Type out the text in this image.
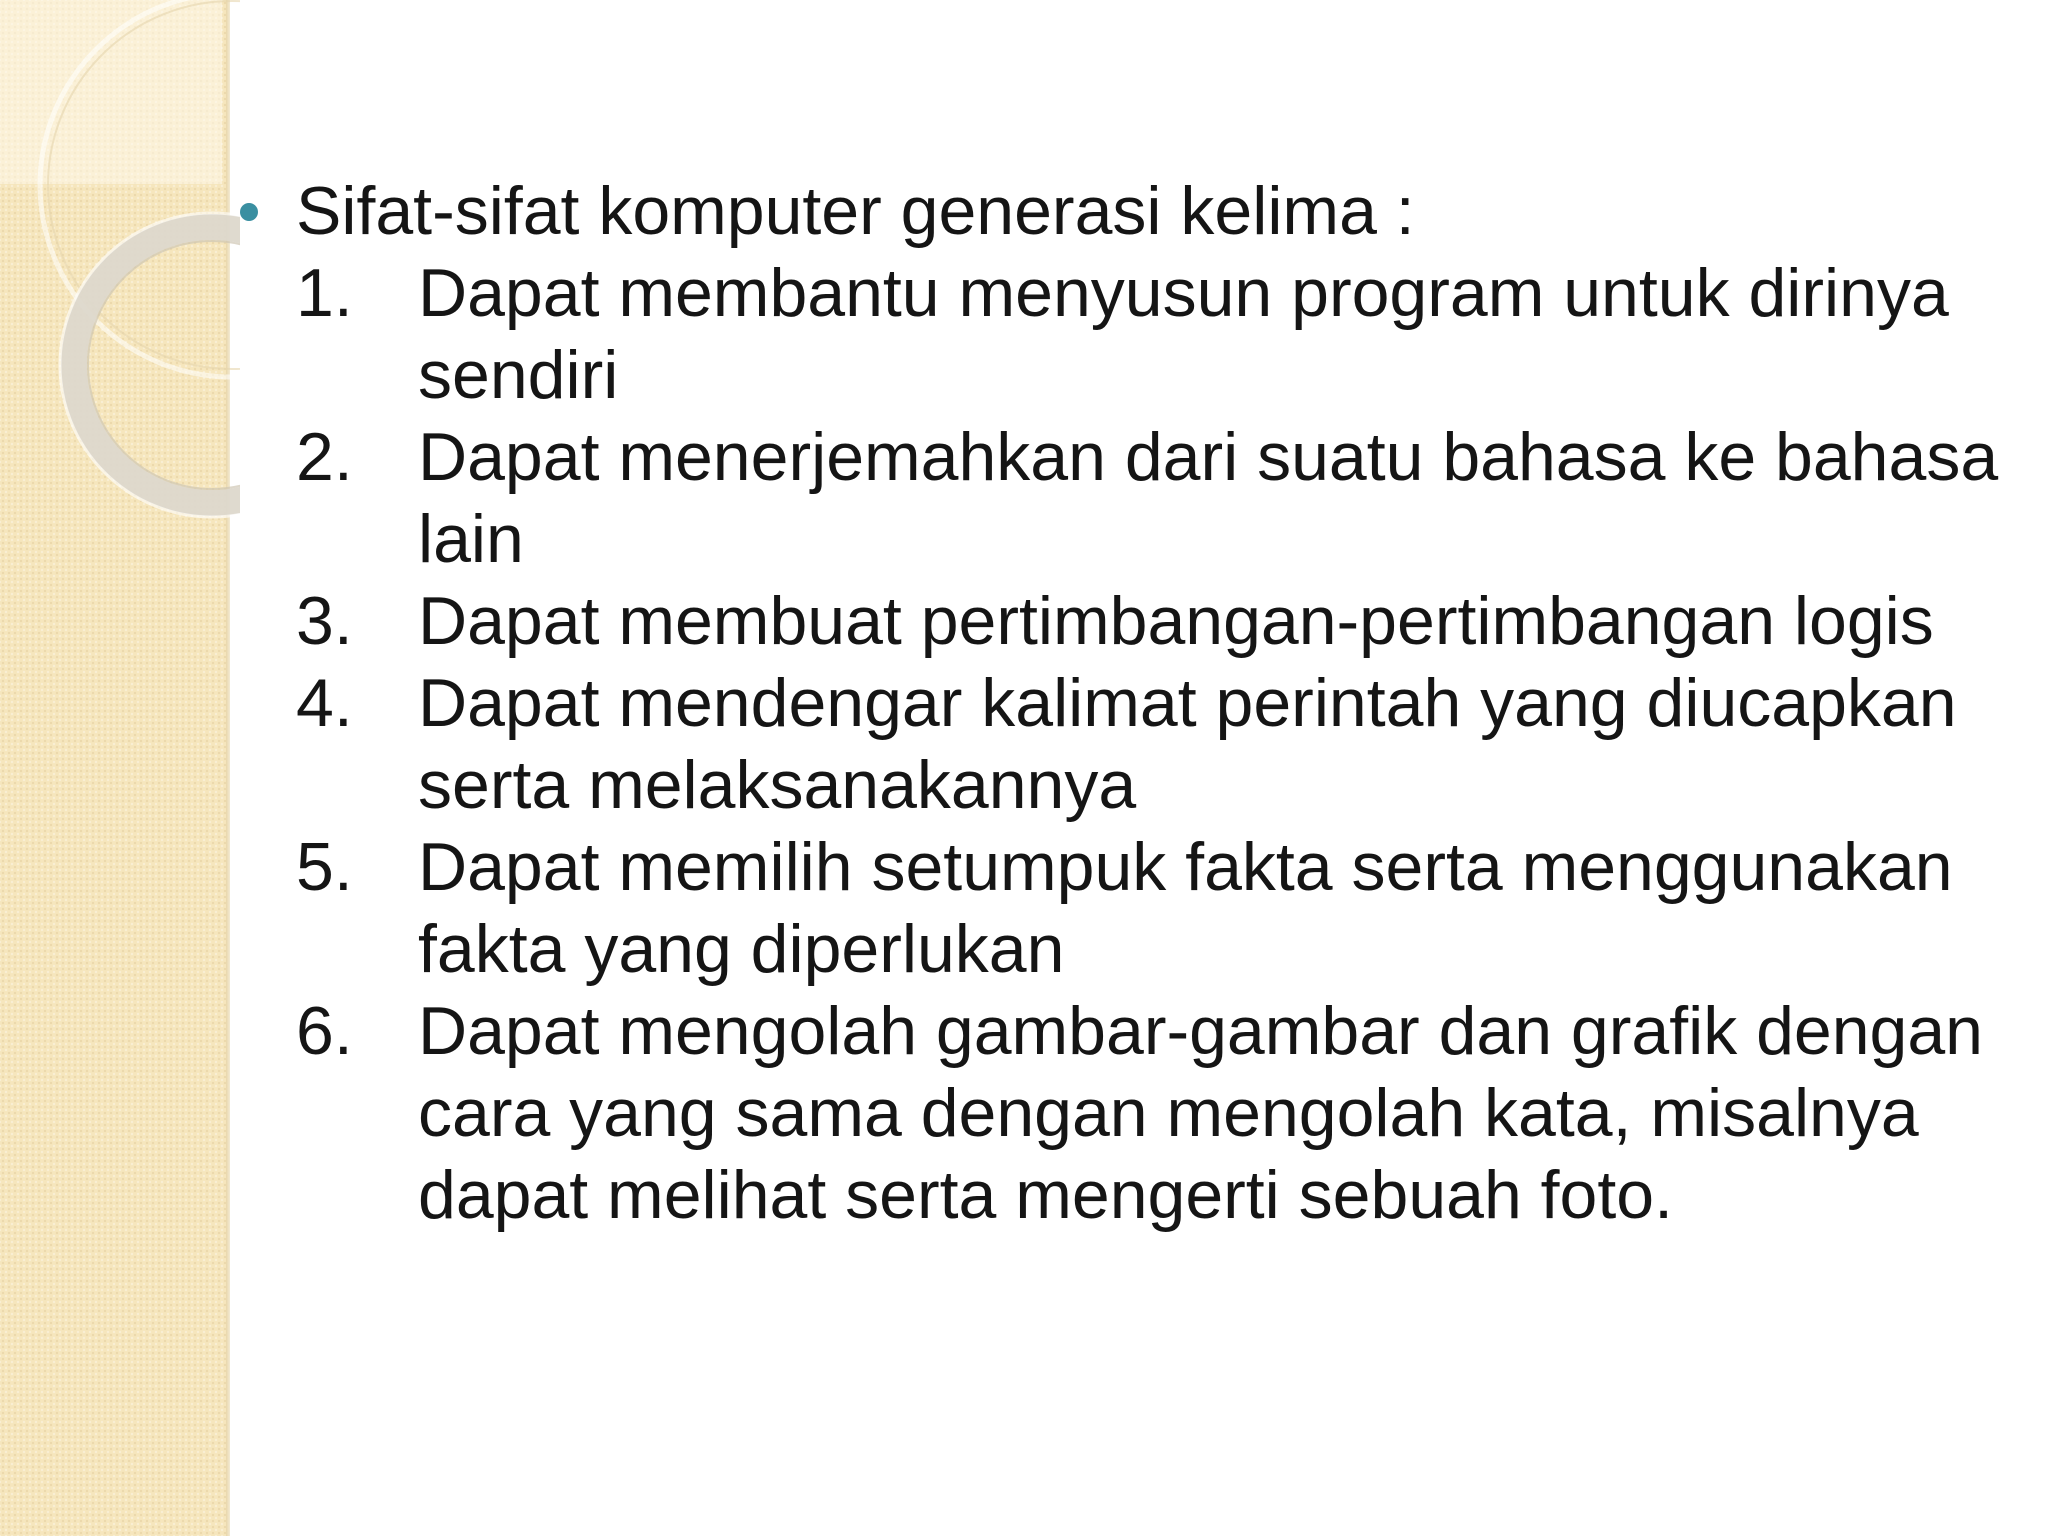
Sifat-sifat komputer generasi kelima :
1. Dapat membantu menyusun program untuk dirinya sendiri
2. Dapat menerjemahkan dari suatu bahasa ke bahasa lain
3. Dapat membuat pertimbangan-pertimbangan logis
4. Dapat mendengar kalimat perintah yang diucapkan serta melaksanakannya
5. Dapat memilih setumpuk fakta serta menggunakan fakta yang diperlukan
6. Dapat mengolah gambar-gambar dan grafik dengan cara yang sama dengan mengolah kata, misalnya dapat melihat serta mengerti sebuah foto.
